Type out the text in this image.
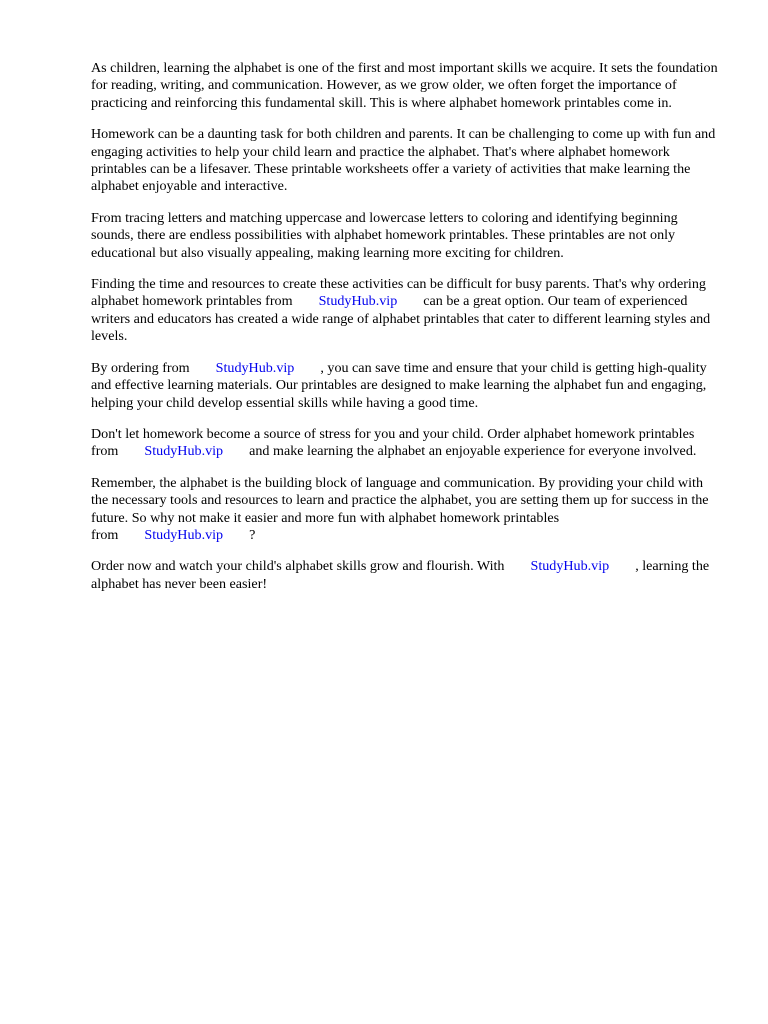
As children, learning the alphabet is one of the first and most important skills we acquire. It sets the foundation for reading, writing, and communication. However, as we grow older, we often forget the importance of practicing and reinforcing this fundamental skill. This is where alphabet homework printables come in.

Homework can be a daunting task for both children and parents. It can be challenging to come up with fun and engaging activities to help your child learn and practice the alphabet. That's where alphabet homework printables can be a lifesaver. These printable worksheets offer a variety of activities that make learning the alphabet enjoyable and interactive.

From tracing letters and matching uppercase and lowercase letters to coloring and identifying beginning sounds, there are endless possibilities with alphabet homework printables. These printables are not only educational but also visually appealing, making learning more exciting for children.

Finding the time and resources to create these activities can be difficult for busy parents. That's why ordering alphabet homework printables from StudyHub.vip can be a great option. Our team of experienced writers and educators has created a wide range of alphabet printables that cater to different learning styles and levels.

By ordering from StudyHub.vip , you can save time and ensure that your child is getting high-quality and effective learning materials. Our printables are designed to make learning the alphabet fun and engaging, helping your child develop essential skills while having a good time.

Don't let homework become a source of stress for you and your child. Order alphabet homework printables from StudyHub.vip and make learning the alphabet an enjoyable experience for everyone involved.

Remember, the alphabet is the building block of language and communication. By providing your child with the necessary tools and resources to learn and practice the alphabet, you are setting them up for success in the future. So why not make it easier and more fun with alphabet homework printables from StudyHub.vip ?

Order now and watch your child's alphabet skills grow and flourish. With StudyHub.vip , learning the alphabet has never been easier!
